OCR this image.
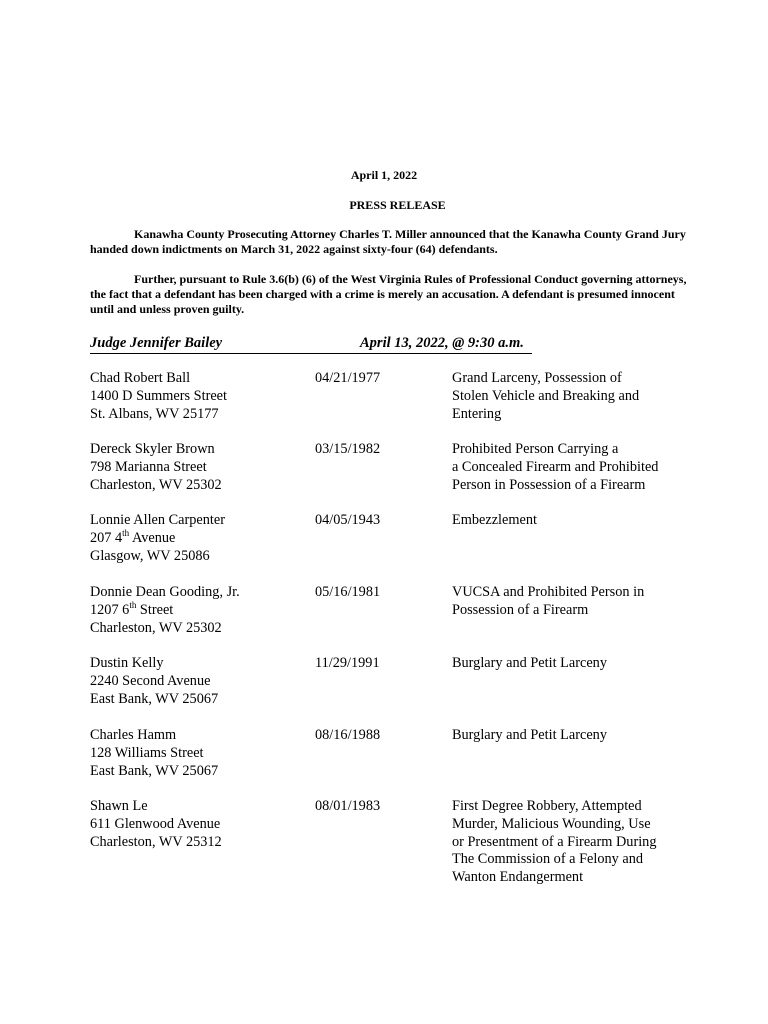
April 1, 2022
PRESS RELEASE
Kanawha County Prosecuting Attorney Charles T. Miller announced that the Kanawha County Grand Jury handed down indictments on March 31, 2022 against sixty-four (64) defendants.
Further, pursuant to Rule 3.6(b) (6) of the West Virginia Rules of Professional Conduct governing attorneys, the fact that a defendant has been charged with a crime is merely an accusation. A defendant is presumed innocent until and unless proven guilty.
Judge Jennifer Bailey	April 13, 2022, @ 9:30 a.m.
Chad Robert Ball
1400 D Summers Street
St. Albans, WV 25177
04/21/1977	Grand Larceny, Possession of
Stolen Vehicle and Breaking and
Entering
Dereck Skyler Brown
798 Marianna Street
Charleston, WV 25302
03/15/1982	Prohibited Person Carrying a
a Concealed Firearm and Prohibited
Person in Possession of a Firearm
Lonnie Allen Carpenter
207 4th Avenue
Glasgow, WV 25086
04/05/1943	Embezzlement
Donnie Dean Gooding, Jr.
1207 6th Street
Charleston, WV 25302
05/16/1981	VUCSA and Prohibited Person in
Possession of a Firearm
Dustin Kelly
2240 Second Avenue
East Bank, WV 25067
11/29/1991	Burglary and Petit Larceny
Charles Hamm
128 Williams Street
East Bank, WV 25067
08/16/1988	Burglary and Petit Larceny
Shawn Le
611 Glenwood Avenue
Charleston, WV 25312
08/01/1983	First Degree Robbery, Attempted
Murder, Malicious Wounding, Use
or Presentment of a Firearm During
The Commission of a Felony and
Wanton Endangerment
